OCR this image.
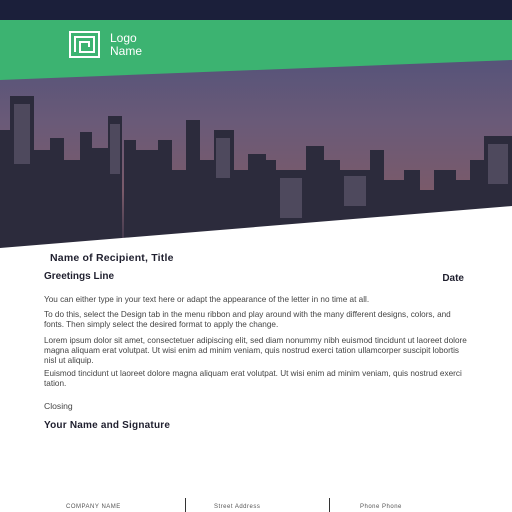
Logo
Name
Name of Recipient, Title
Greetings Line	Date
You can either type in your text here or adapt the appearance of the letter in no time at all.
To do this, select the Design tab in the menu ribbon and play around with the many different designs, colors, and fonts. Then simply select the desired format to apply the change.
Lorem ipsum dolor sit amet, consectetuer adipiscing elit, sed diam nonummy nibh euismod tincidunt ut laoreet dolore magna aliquam erat volutpat. Ut wisi enim ad minim veniam, quis nostrud exerci tation ullamcorper suscipit lobortis nisl ut aliquip.
Euismod tincidunt ut laoreet dolore magna aliquam erat volutpat. Ut wisi enim ad minim veniam, quis nostrud exerci tation.
Closing
Your Name and Signature
COMPANY NAME	Street Address	Phone Phone
